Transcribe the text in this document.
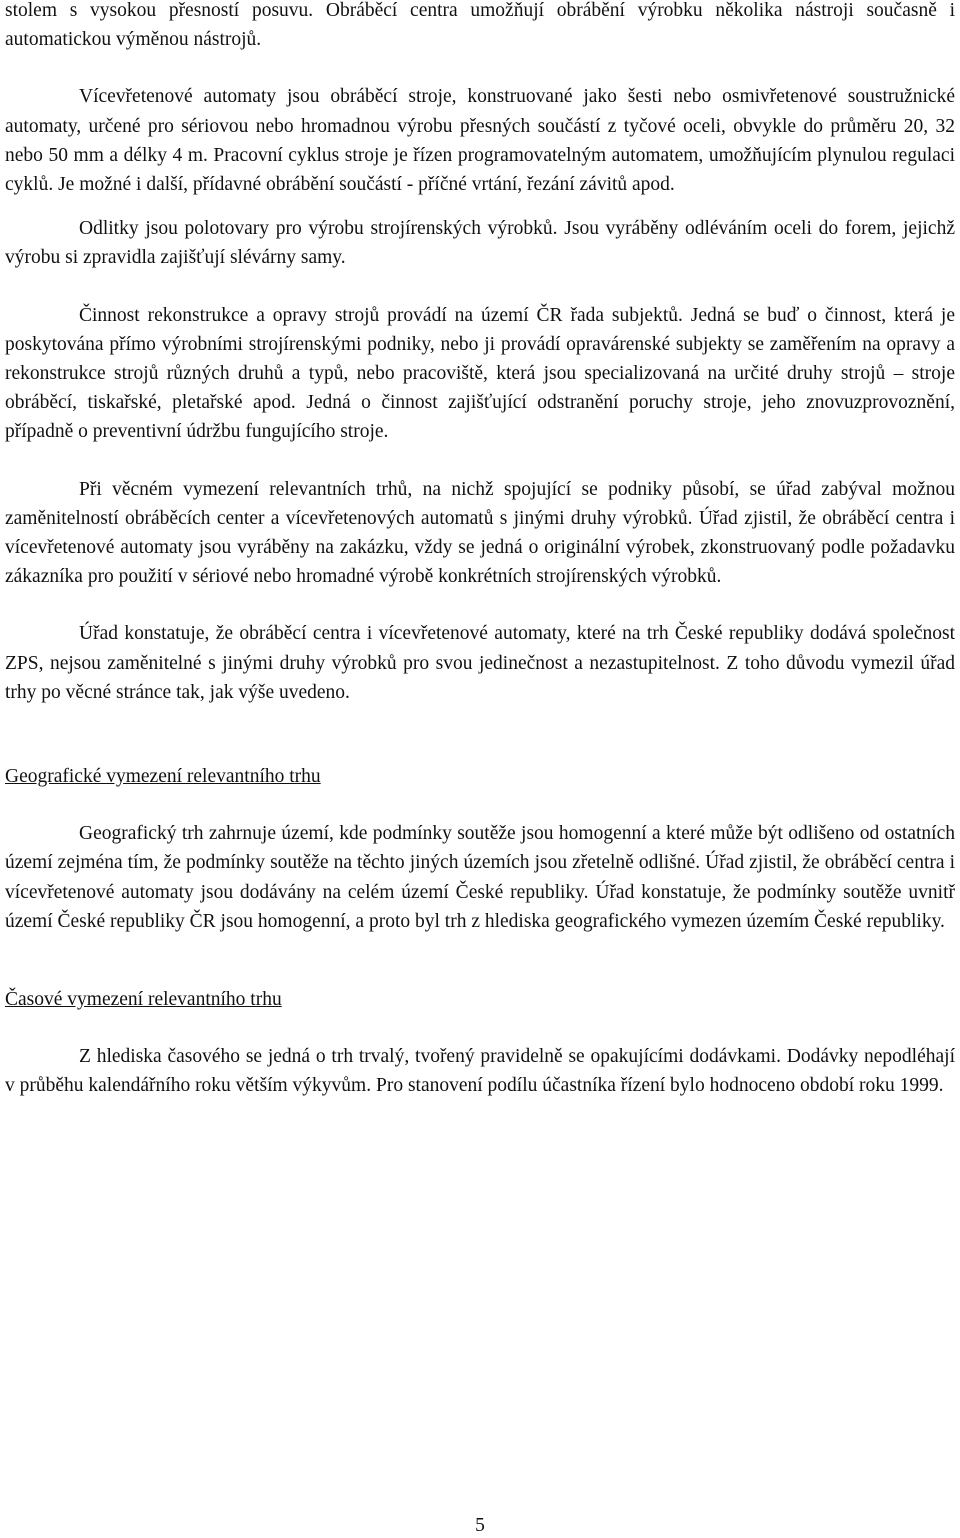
stolem s vysokou přesností posuvu. Obráběcí centra umožňují obrábění výrobku několika nástroji současně i automatickou výměnou nástrojů.

Vícevřetenové automaty jsou obráběcí stroje, konstruované jako šesti nebo osmivřetenové soustružnické automaty, určené pro sériovou nebo hromadnou výrobu přesných součástí z tyčové oceli, obvykle do průměru 20, 32 nebo 50 mm a délky 4 m. Pracovní cyklus stroje je řízen programovatelným automatem, umožňujícím plynulou regulaci cyklů. Je možné i další, přídavné obrábění součástí - příčné vrtání, řezání závitů apod.

Odlitky jsou polotovary pro výrobu strojírenských výrobků. Jsou vyráběny odléváním oceli do forem, jejichž výrobu si zpravidla zajišťují slévárny samy.

Činnost rekonstrukce a opravy strojů provádí na území ČR řada subjektů. Jedná se buď o činnost, která je poskytována přímo výrobními strojírenskými podniky, nebo ji provádí opravárenské subjekty se zaměřením na opravy a rekonstrukce strojů různých druhů a typů, nebo pracoviště, která jsou specializovaná na určité druhy strojů – stroje obráběcí, tiskařské, pletařské apod. Jedná o činnost zajišťující odstranění poruchy stroje, jeho znovuzprovoznění, případně o preventivní údržbu fungujícího stroje.

Při věcném vymezení relevantních trhů, na nichž spojující se podniky působí, se úřad zabýval možnou zaměnitelností obráběcích center a vícevřetenových automatů s jinými druhy výrobků. Úřad zjistil, že obráběcí centra i vícevřetenové automaty jsou vyráběny na zakázku, vždy se jedná o originální výrobek, zkonstruovaný podle požadavku zákazníka pro použití v sériové nebo hromadné výrobě konkrétních strojírenských výrobků.

Úřad konstatuje, že obráběcí centra i vícevřetenové automaty, které na trh České republiky dodává společnost ZPS, nejsou zaměnitelné s jinými druhy výrobků pro svou jedinečnost a nezastupitelnost. Z toho důvodu vymezil úřad trhy po věcné stránce tak, jak výše uvedeno.

Geografické vymezení relevantního trhu

Geografický trh zahrnuje území, kde podmínky soutěže jsou homogenní a které může být odlišeno od ostatních území zejména tím, že podmínky soutěže na těchto jiných územích jsou zřetelně odlišné. Úřad zjistil, že obráběcí centra i vícevřetenové automaty jsou dodávány na celém území České republiky. Úřad konstatuje, že podmínky soutěže uvnitř území České republiky ČR jsou homogenní, a proto byl trh z hlediska geografického vymezen územím České republiky.

Časové vymezení relevantního trhu

Z hlediska časového se jedná o trh trvalý, tvořený pravidelně se opakujícími dodávkami. Dodávky nepodléhají v průběhu kalendářního roku větším výkyvům. Pro stanovení podílu účastníka řízení bylo hodnoceno období roku 1999.

5
